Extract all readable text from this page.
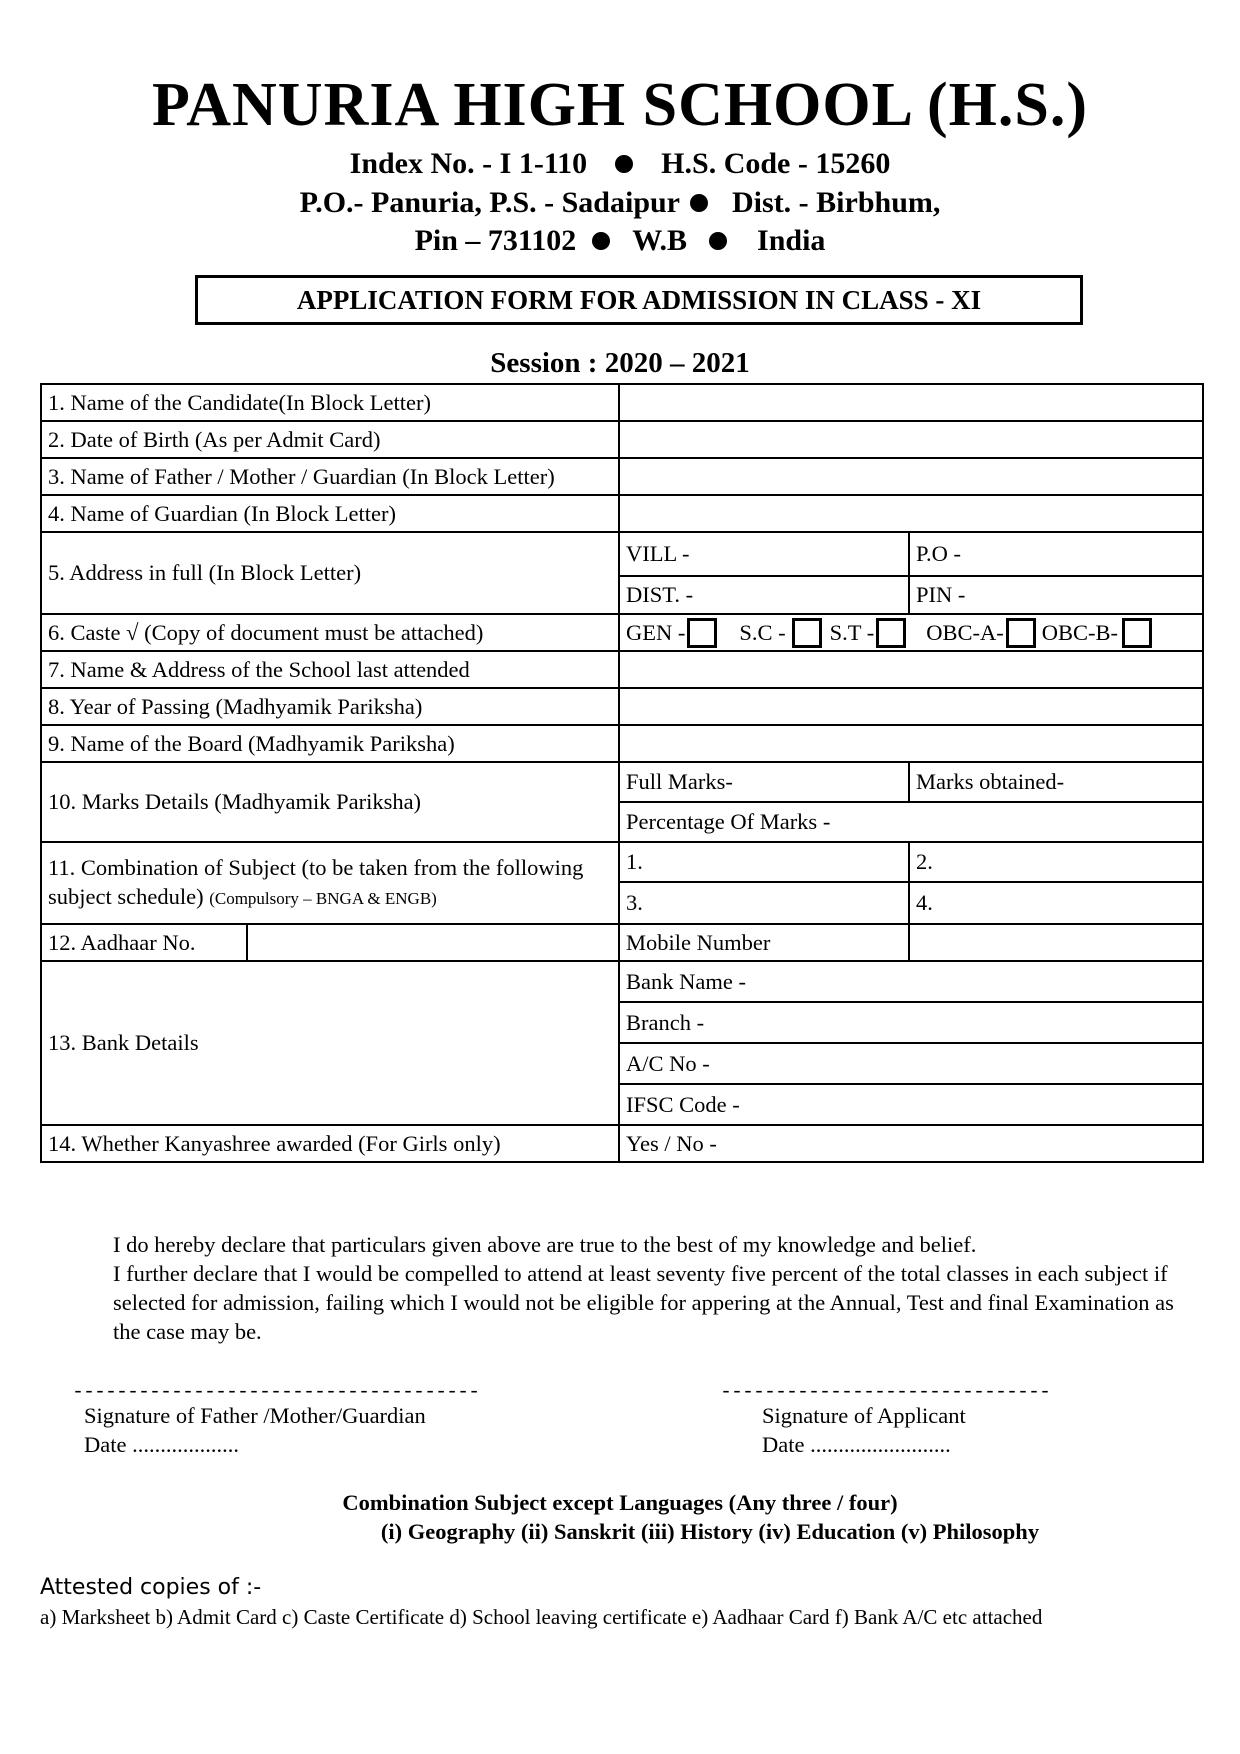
PANURIA HIGH SCHOOL (H.S.)
Index No. - I 1-110 H.S. Code - 15260
P.O.- Panuria, P.S. - Sadaipur Dist. - Birbhum,
Pin – 731102 W.B India
APPLICATION FORM FOR ADMISSION IN CLASS - XI
Session : 2020 – 2021
1. Name of the Candidate(In Block Letter)			
2. Date of Birth (As per Admit Card)			
3. Name of Father / Mother / Guardian (In Block Letter)			
4. Name of Guardian (In Block Letter)			
5. Address in full (In Block Letter)		VILL -	P.O -
		DIST. -	PIN -
6. Caste √ (Copy of document must be attached)		GEN - S.C - S.T - OBC-A- OBC-B-	

7. Name & Address of the School last attended			
8. Year of Passing (Madhyamik Pariksha)			
9. Name of the Board (Madhyamik Pariksha)			
10. Marks Details (Madhyamik Pariksha)		Full Marks-	Marks obtained-
		Percentage Of Marks -	
11. Combination of Subject (to be taken from the following subject schedule) (Compulsory – BNGA & ENGB)		1.	2.
		3.	4.
12. Aadhaar No.		Mobile Number	
13. Bank Details		Bank Name -	
		Branch -	
		A/C No -	
		IFSC Code -	
14. Whether Kanyashree awarded (For Girls only)		Yes / No -	

I do hereby declare that particulars given above are true to the best of my knowledge and belief.

I further declare that I would be compelled to attend at least seventy five percent of the total classes in each subject if selected for admission, failing which I would not be eligible for appering at the Annual, Test and final Examination as the case may be.

-------------------------------------
Signature of Father /Mother/Guardian
Date ...................
------------------------------
Signature of Applicant
Date .........................
Combination Subject except Languages (Any three / four)
(i) Geography (ii) Sanskrit (iii) History (iv) Education (v) Philosophy
Attested copies of :-
a) Marksheet b) Admit Card c) Caste Certificate d) School leaving certificate e) Aadhaar Card f) Bank A/C etc attached
